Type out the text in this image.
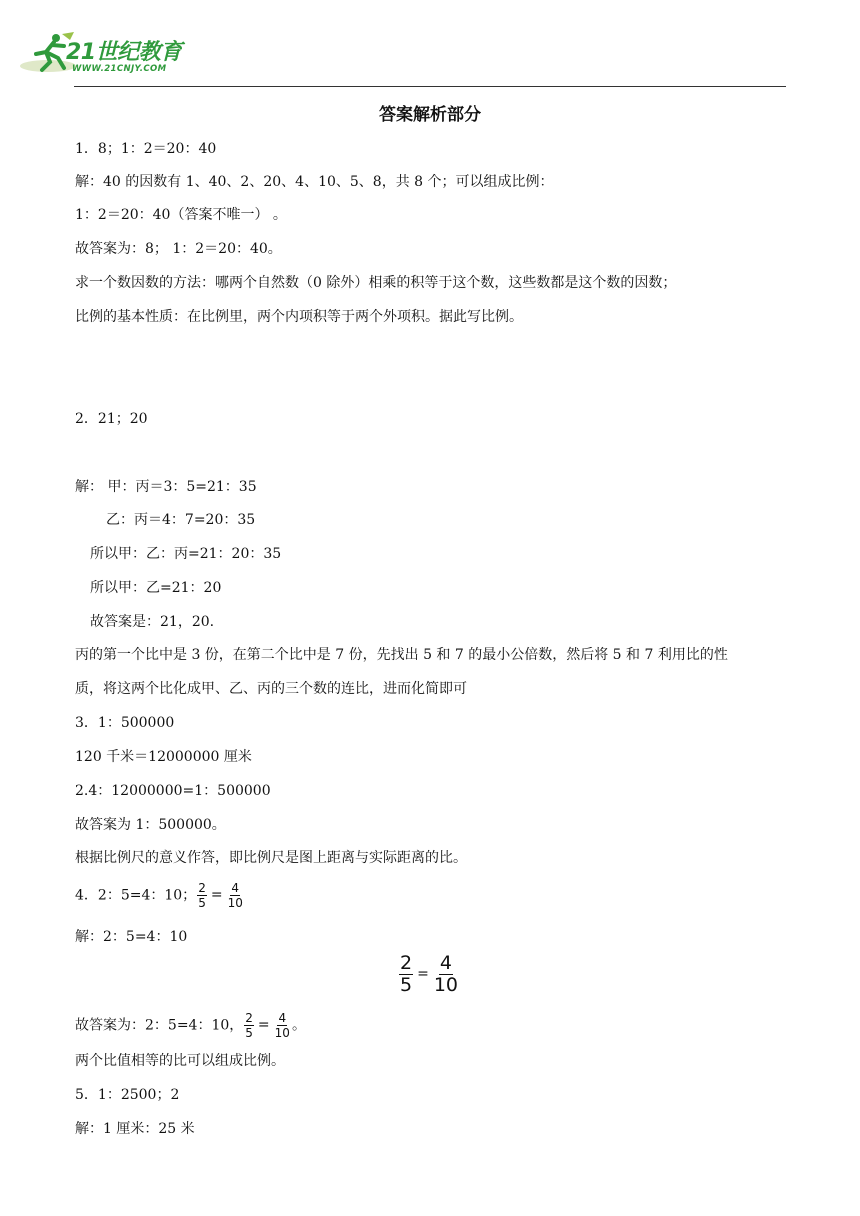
21世纪教育
WWW.21CNJY.COM
答案解析部分
1．8；1：2＝20：40
解：40 的因数有 1、40、2、20、4、10、5、8，共 8 个；可以组成比例：
1：2＝20：40（答案不唯一） 。
故答案为：8； 1：2＝20：40。
求一个数因数的方法：哪两个自然数（0 除外）相乘的积等于这个数，这些数都是这个数的因数；
比例的基本性质：在比例里，两个内项积等于两个外项积。据此写比例。
2．21；20
解： 甲：丙＝3：5=21：35
乙：丙＝4：7=20：35
所以甲：乙：丙=21：20：35
所以甲：乙=21：20
故答案是：21，20.
丙的第一个比中是 3 份，在第二个比中是 7 份，先找出 5 和 7 的最小公倍数，然后将 5 和 7 利用比的性
质，将这两个比化成甲、乙、丙的三个数的连比，进而化简即可
3．1：500000
120 千米＝12000000 厘米
2.4：12000000=1：500000
故答案为 1：500000。
根据比例尺的意义作答，即比例尺是图上距离与实际距离的比。
4．2：5=4：10； $\frac{2}{5} = \frac{4}{10}$
解：2：5=4：10
$\frac{2}{5} = \frac{4}{10}$
故答案为：2：5=4：10， $\frac{2}{5} = \frac{4}{10}$ 。
两个比值相等的比可以组成比例。
5．1：2500；2
解：1 厘米：25 米
